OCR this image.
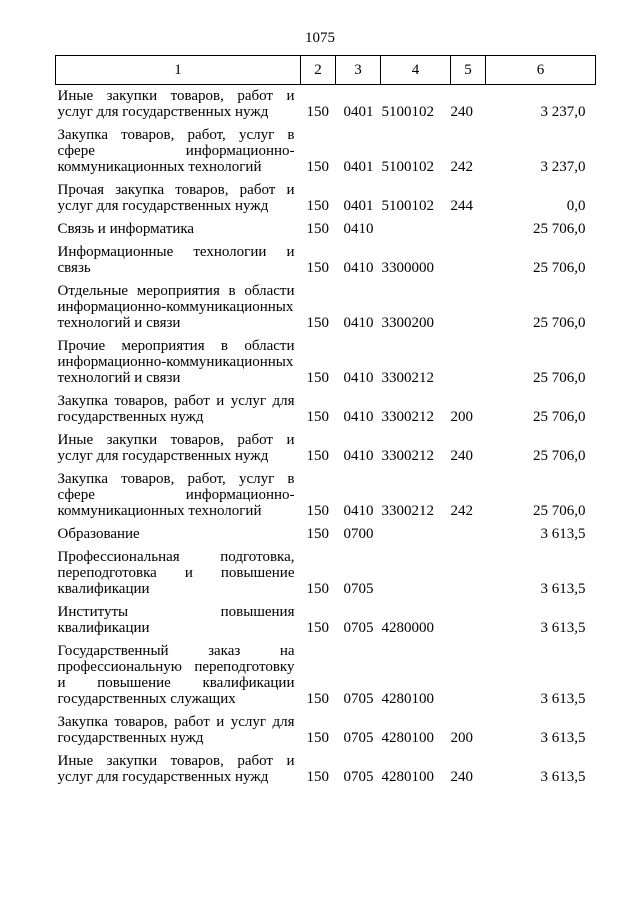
1075
1	2	3	4	5	6
Иные закупки товаров, работ и услуг для государственных нужд	150	0401	5100102	240	3 237,0
Закупка товаров, работ, услуг в сфере информационно-коммуникационных технологий	150	0401	5100102	242	3 237,0
Прочая закупка товаров, работ и услуг для государственных нужд	150	0401	5100102	244	0,0
Связь и информатика	150	0410			25 706,0
Информационные технологии и связь	150	0410	3300000		25 706,0
Отдельные мероприятия в области информационно-коммуникационных технологий и связи	150	0410	3300200		25 706,0
Прочие мероприятия в области информационно-коммуникационных технологий и связи	150	0410	3300212		25 706,0
Закупка товаров, работ и услуг для государственных нужд	150	0410	3300212	200	25 706,0
Иные закупки товаров, работ и услуг для государственных нужд	150	0410	3300212	240	25 706,0
Закупка товаров, работ, услуг в сфере информационно-коммуникационных технологий	150	0410	3300212	242	25 706,0
Образование	150	0700			3 613,5
Профессиональная подготовка, переподготовка и повышение квалификации	150	0705			3 613,5
Институты повышения квалификации	150	0705	4280000		3 613,5
Государственный заказ на профессиональную переподготовку и повышение квалификации государственных служащих	150	0705	4280100		3 613,5
Закупка товаров, работ и услуг для государственных нужд	150	0705	4280100	200	3 613,5
Иные закупки товаров, работ и услуг для государственных нужд	150	0705	4280100	240	3 613,5
